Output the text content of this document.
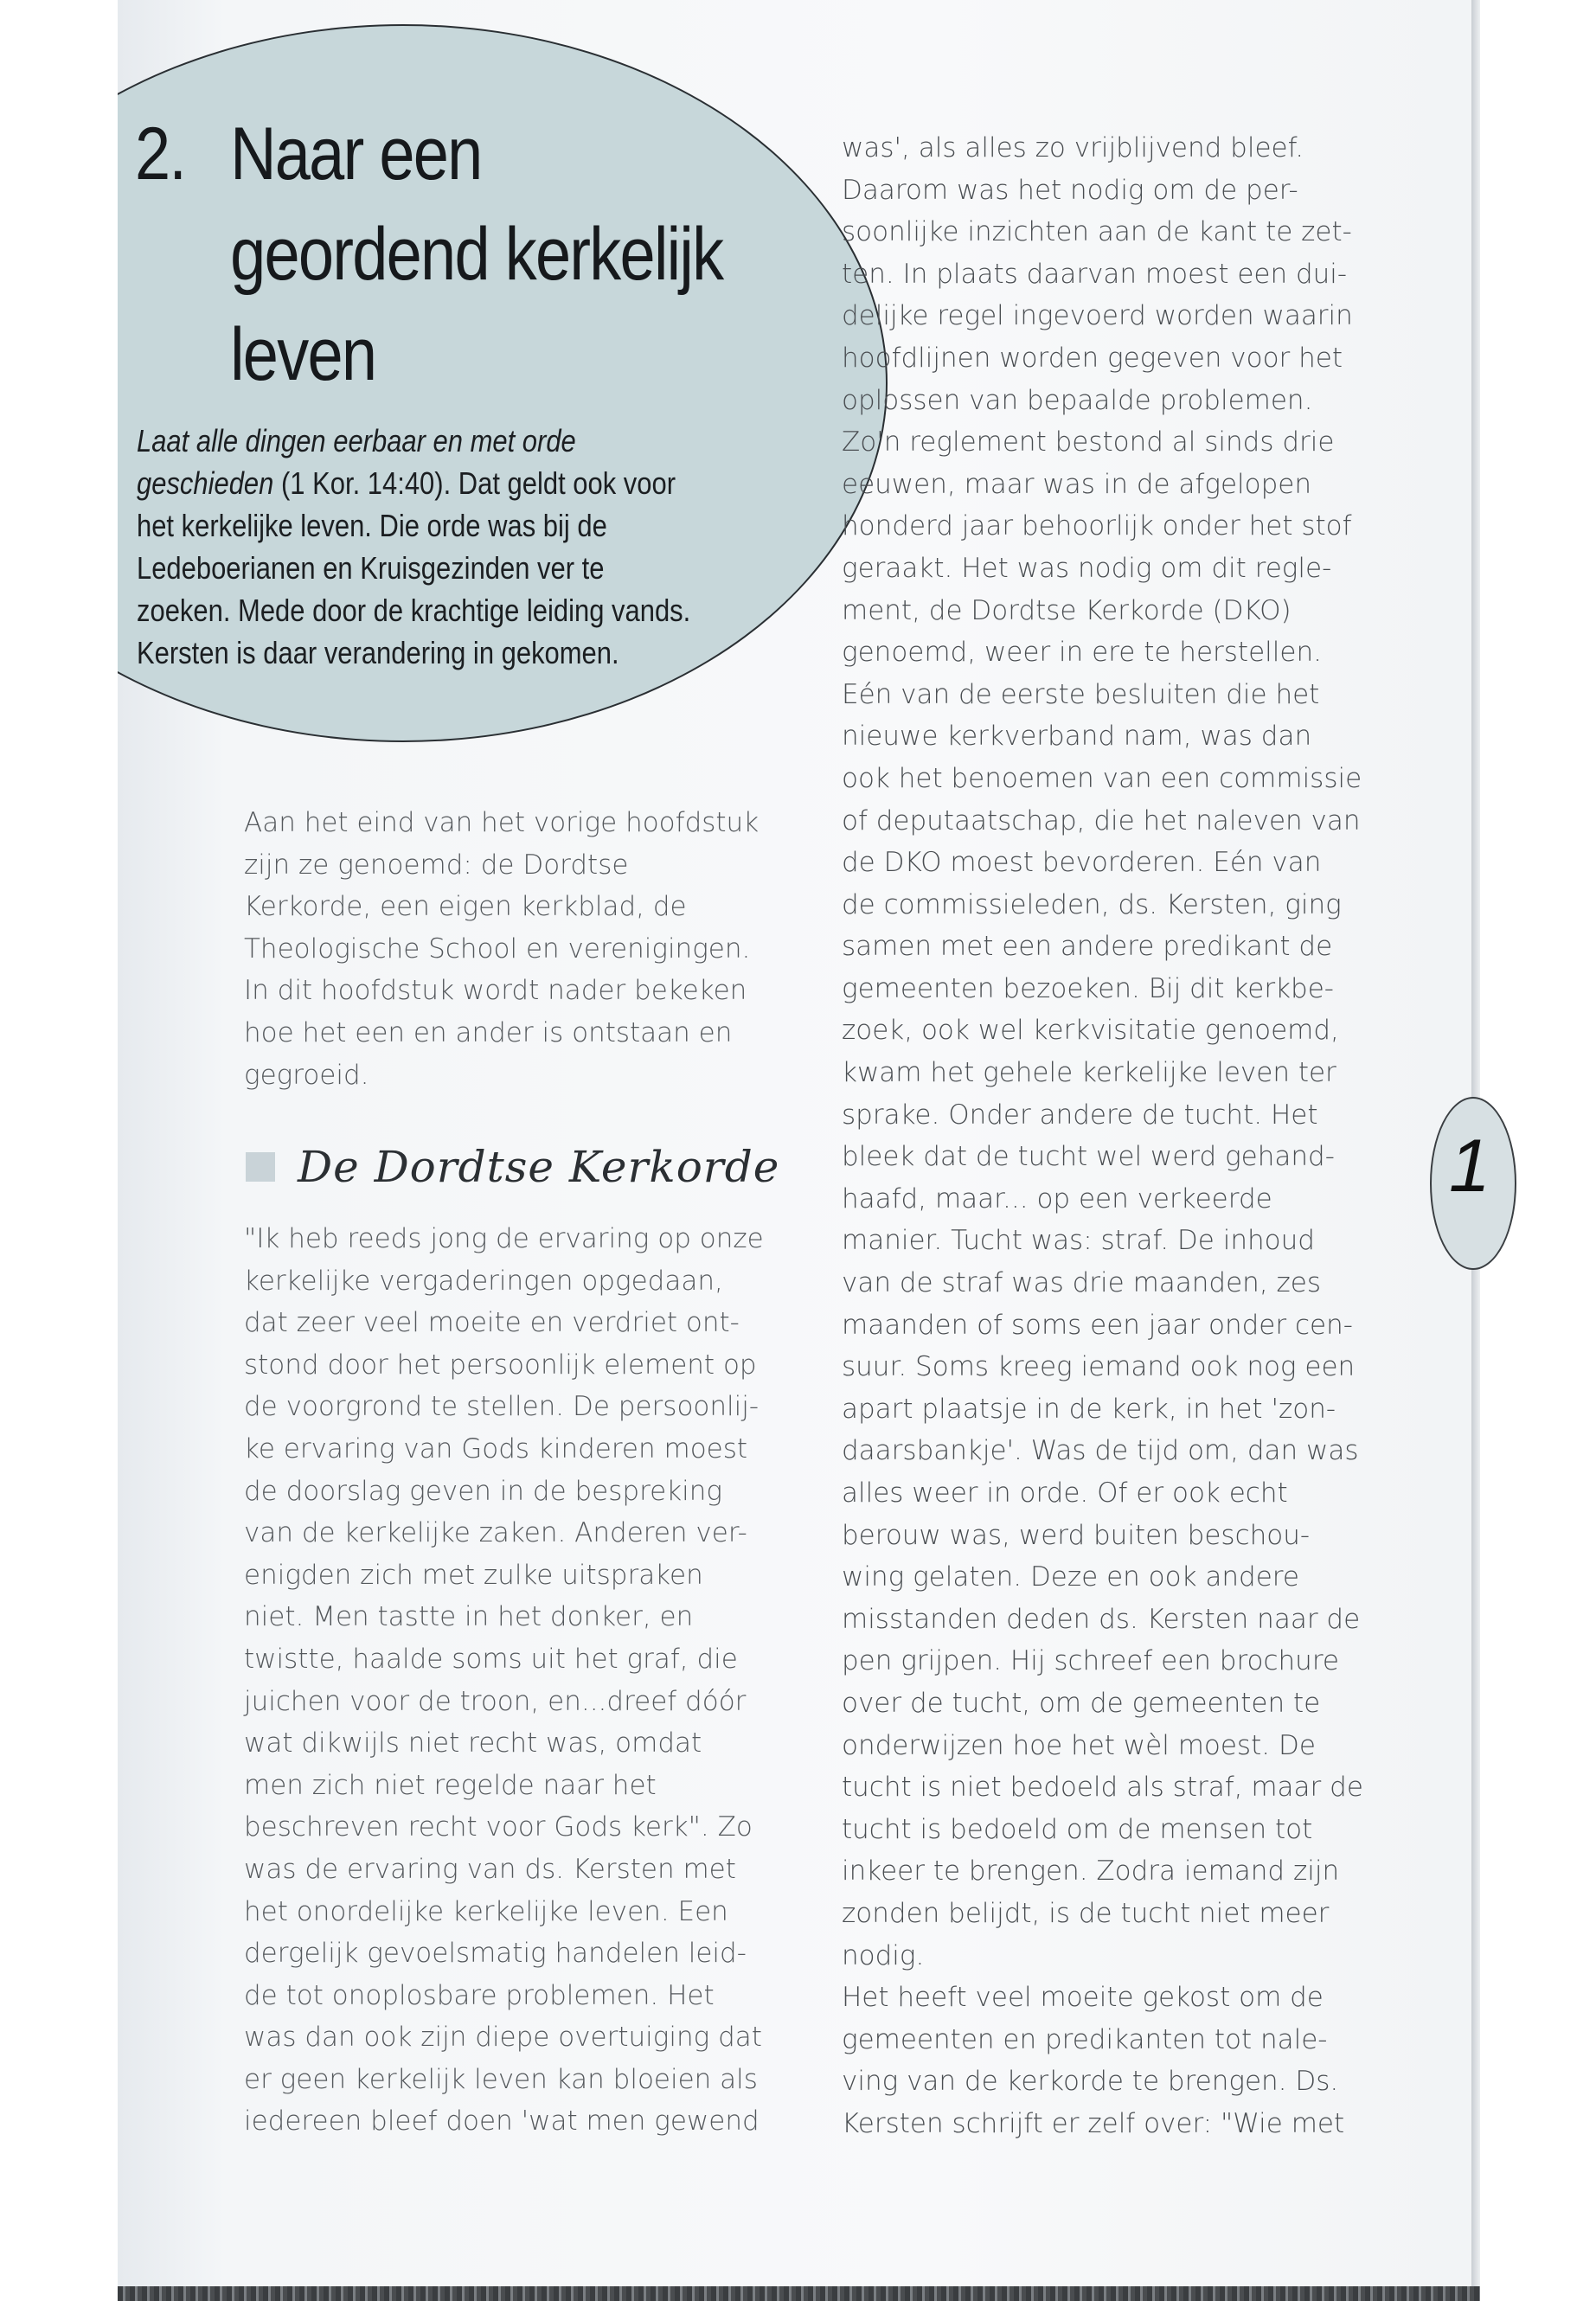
2. Naar een
geordend kerkelijk
leven

Laat alle dingen eerbaar en met orde geschieden (1 Kor. 14:40). Dat geldt ook voor het kerkelijke leven. Die orde was bij de Ledeboerianen en Kruisgezinden ver te zoeken. Mede door de krachtige leiding vands. Kersten is daar verandering in gekomen.

Aan het eind van het vorige hoofdstuk
zijn ze genoemd: de Dordtse
Kerkorde, een eigen kerkblad, de
Theologische School en verenigingen.
In dit hoofdstuk wordt nader bekeken
hoe het een en ander is ontstaan en
gegroeid.

De Dordtse Kerkorde

"Ik heb reeds jong de ervaring op onze
kerkelijke vergaderingen opgedaan,
dat zeer veel moeite en verdriet ont-
stond door het persoonlijk element op
de voorgrond te stellen. De persoonlij-
ke ervaring van Gods kinderen moest
de doorslag geven in de bespreking
van de kerkelijke zaken. Anderen ver-
enigden zich met zulke uitspraken
niet. Men tastte in het donker, en
twistte, haalde soms uit het graf, die
juichen voor de troon, en...dreef dóór
wat dikwijls niet recht was, omdat
men zich niet regelde naar het
beschreven recht voor Gods kerk". Zo
was de ervaring van ds. Kersten met
het onordelijke kerkelijke leven. Een
dergelijk gevoelsmatig handelen leid-
de tot onoplosbare problemen. Het
was dan ook zijn diepe overtuiging dat
er geen kerkelijk leven kan bloeien als
iedereen bleef doen 'wat men gewend

was', als alles zo vrijblijvend bleef.
Daarom was het nodig om de per-
soonlijke inzichten aan de kant te zet-
ten. In plaats daarvan moest een dui-
delijke regel ingevoerd worden waarin
hoofdlijnen worden gegeven voor het
oplossen van bepaalde problemen.
Zo'n reglement bestond al sinds drie
eeuwen, maar was in de afgelopen
honderd jaar behoorlijk onder het stof
geraakt. Het was nodig om dit regle-
ment, de Dordtse Kerkorde (DKO)
genoemd, weer in ere te herstellen.
Eén van de eerste besluiten die het
nieuwe kerkverband nam, was dan
ook het benoemen van een commissie
of deputaatschap, die het naleven van
de DKO moest bevorderen. Eén van
de commissieleden, ds. Kersten, ging
samen met een andere predikant de
gemeenten bezoeken. Bij dit kerkbe-
zoek, ook wel kerkvisitatie genoemd,
kwam het gehele kerkelijke leven ter
sprake. Onder andere de tucht. Het
bleek dat de tucht wel werd gehand-
haafd, maar... op een verkeerde
manier. Tucht was: straf. De inhoud
van de straf was drie maanden, zes
maanden of soms een jaar onder cen-
suur. Soms kreeg iemand ook nog een
apart plaatsje in de kerk, in het 'zon-
daarsbankje'. Was de tijd om, dan was
alles weer in orde. Of er ook echt
berouw was, werd buiten beschou-
wing gelaten. Deze en ook andere
misstanden deden ds. Kersten naar de
pen grijpen. Hij schreef een brochure
over de tucht, om de gemeenten te
onderwijzen hoe het wèl moest. De
tucht is niet bedoeld als straf, maar de
tucht is bedoeld om de mensen tot
inkeer te brengen. Zodra iemand zijn
zonden belijdt, is de tucht niet meer
nodig.
Het heeft veel moeite gekost om de
gemeenten en predikanten tot nale-
ving van de kerkorde te brengen. Ds.
Kersten schrijft er zelf over: "Wie met

1
